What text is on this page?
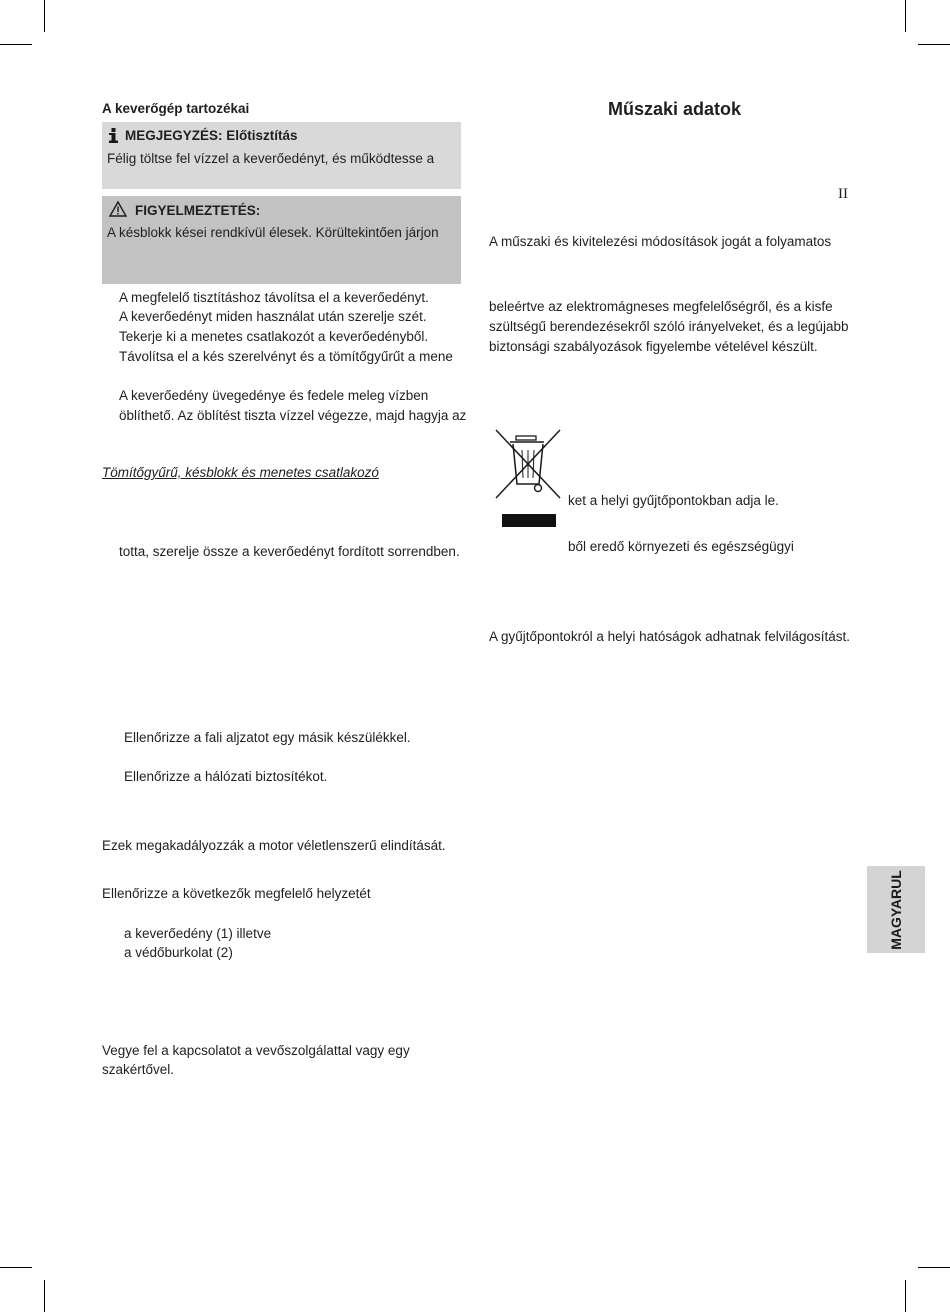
A keverőgép tartozékai
MEGJEGYZÉS: Előtisztítás
Félig töltse fel vízzel a keverőedényt, és működtesse a
FIGYELMEZTETÉS:
A késblokk kései rendkívül élesek. Körültekintően járjon
A megfelelő tisztításhoz távolítsa el a keverőedényt.
A keverőedényt miden használat után szerelje szét.
Tekerje ki a menetes csatlakozót a keverőedényből.
Távolítsa el a kés szerelvényt és a tömítőgyűrűt a mene
A keverőedény üvegedénye és fedele meleg vízben
öblíthető. Az öblítést tiszta vízzel végezze, majd hagyja az
Tömítőgyűrű, késblokk és menetes csatlakozó
totta, szerelje össze a keverőedényt fordított sorrendben.
Ellenőrizze a fali aljzatot egy másik készülékkel.
Ellenőrizze a hálózati biztosítékot.
Ezek megakadályozzák a motor véletlenszerű elindítását.
Ellenőrizze a következők megfelelő helyzetét
a keverőedény (1) illetve
a védőburkolat (2)
Vegye fel a kapcsolatot a vevőszolgálattal vagy egy
szakértővel.
Műszaki adatok
II
A műszaki és kivitelezési módosítások jogát a folyamatos
beleértve az elektromágneses megfelelőségről, és a kisfe
szültségű berendezésekről szóló irányelveket, és a legújabb
biztonsági szabályozások figyelembe vételével készült.
ket a helyi gyűjtőpontokban adja le.
ből eredő környezeti és egészségügyi
A gyűjtőpontokról a helyi hatóságok adhatnak felvilágosítást.
MAGYARUL
